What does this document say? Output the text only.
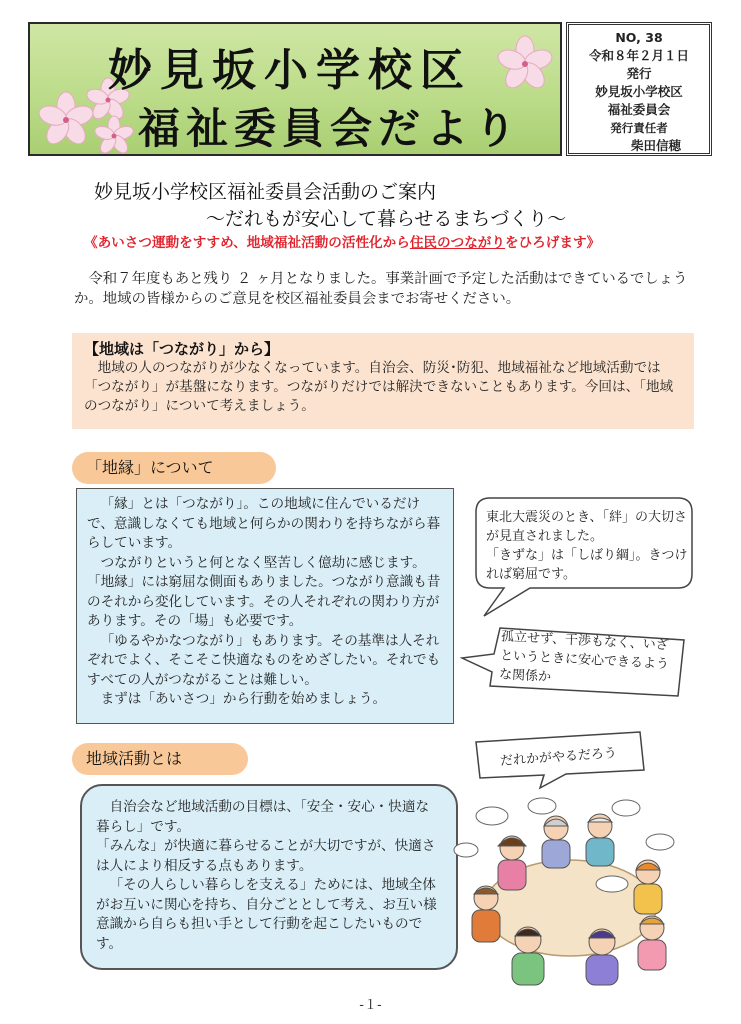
妙見坂小学校区
福祉委員会だより
NO, 38
令和８年２月１日
発行
妙見坂小学校区
福祉委員会
発行責任者
柴田信穂
妙見坂小学校区福祉委員会活動のご案内
～だれもが安心して暮らせるまちづくり～
《あいさつ運動をすすめ、地域福祉活動の活性化から住民のつながりをひろげます》
令和７年度もあと残り ２ ヶ月となりました。事業計画で予定した活動はできているでしょうか。地域の皆様からのご意見を校区福祉委員会までお寄せください。
【地域は「つながり」から】

地域の人のつながりが少なくなっています。自治会、防災･防犯、地域福祉など地域活動では「つながり」が基盤になります。つながりだけでは解決できないこともあります。今回は、「地域のつながり」について考えましょう。

「地縁」について

「縁」とは「つながり」。この地域に住んでいるだけで、意識しなくても地域と何らかの関わりを持ちながら暮らしています。

つながりというと何となく堅苦しく億劫に感じます。「地縁」には窮屈な側面もありました。つながり意識も昔のそれから変化しています。その人それぞれの関わり方があります。その「場」も必要です。

「ゆるやかなつながり」もあります。その基準は人それぞれでよく、そこそこ快適なものをめざしたい。それでもすべての人がつながることは難しい。

まずは「あいさつ」から行動を始めましょう。

東北大震災のとき、「絆」の大切さが見直されました。
「きずな」は「しばり綱」。きつければ窮屈です。
孤立せず、干渉もなく、いざというときに安心できるような関係か
地域活動とは

自治会など地域活動の目標は、「安全・安心・快適な暮らし」です。

「みんな」が快適に暮らせることが大切ですが、快適さは人により相反する点もあります。

「その人らしい暮らしを支える」ためには、地域全体がお互いに関心を持ち、自分ごととして考え、お互い様意識から自らも担い手として行動を起こしたいものです。

だれかがやるだろう
-１-
